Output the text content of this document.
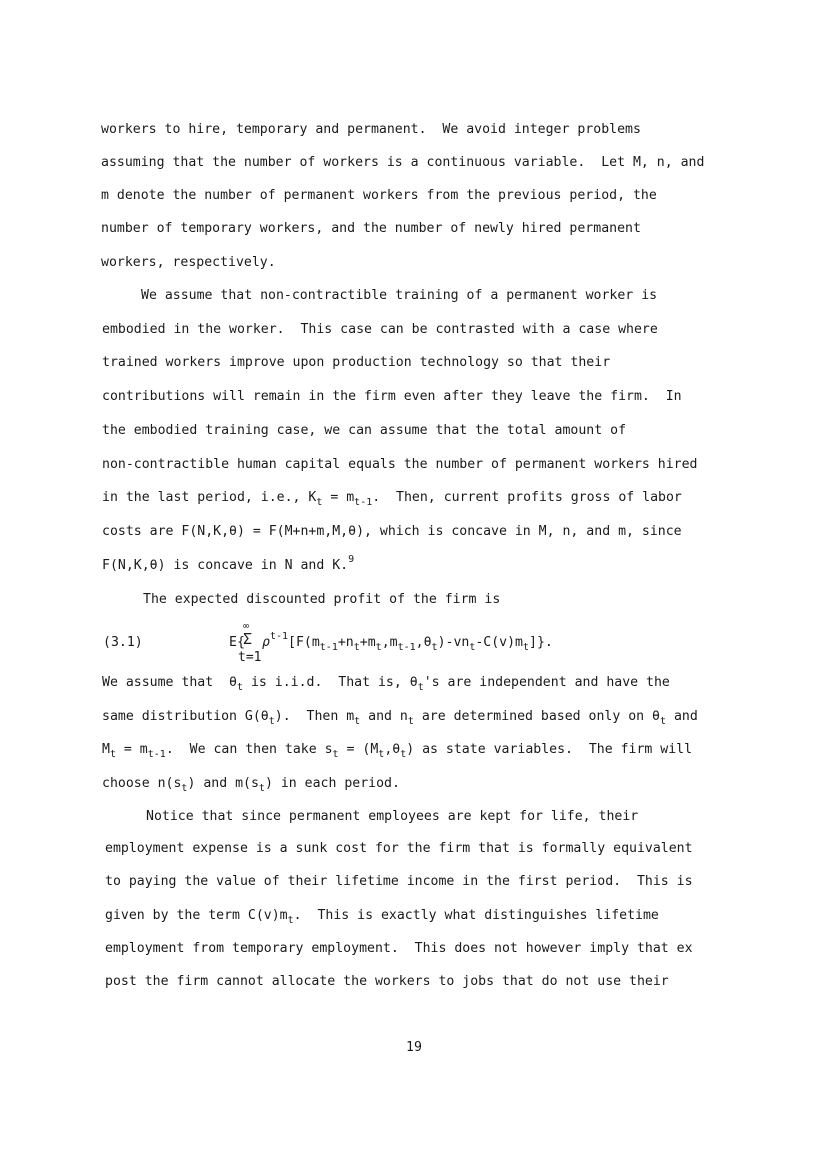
workers to hire, temporary and permanent.  We avoid integer problems
assuming that the number of workers is a continuous variable.  Let M, n, and
m denote the number of permanent workers from the previous period, the
number of temporary workers, and the number of newly hired permanent
workers, respectively.
We assume that non-contractible training of a permanent worker is
embodied in the worker.  This case can be contrasted with a case where
trained workers improve upon production technology so that their
contributions will remain in the firm even after they leave the firm.  In
the embodied training case, we can assume that the total amount of
non-contractible human capital equals the number of permanent workers hired
in the last period, i.e., $K_t = m_{t-1}$.  Then, current profits gross of labor
costs are F(N,K,θ) = F(M+n+m,M,θ), which is concave in M, n, and m, since
F(N,K,θ) is concave in N and K.$^9$
The expected discounted profit of the firm is
(3.1)
∞
E{
Σ
t=1
$\rho^{t-1}[F(m_{t-1}+n_t+m_t,m_{t-1},\theta_t)-vn_t-C(v)m_t]$}.
We assume that  $\theta_t$ is i.i.d.  That is, $\theta_t's$ are independent and have the
same distribution $G(\theta_t)$.  Then $m_t$ and $n_t$ are determined based only on $\theta_t$ and
$M_t = m_{t-1}$.  We can then take $s_t = (M_t,\theta_t)$ as state variables.  The firm will
choose $n(s_t)$ and $m(s_t)$ in each period.
Notice that since permanent employees are kept for life, their
employment expense is a sunk cost for the firm that is formally equivalent
to paying the value of their lifetime income in the first period.  This is
given by the term $C(v)m_t$.  This is exactly what distinguishes lifetime
employment from temporary employment.  This does not however imply that ex
post the firm cannot allocate the workers to jobs that do not use their
19
